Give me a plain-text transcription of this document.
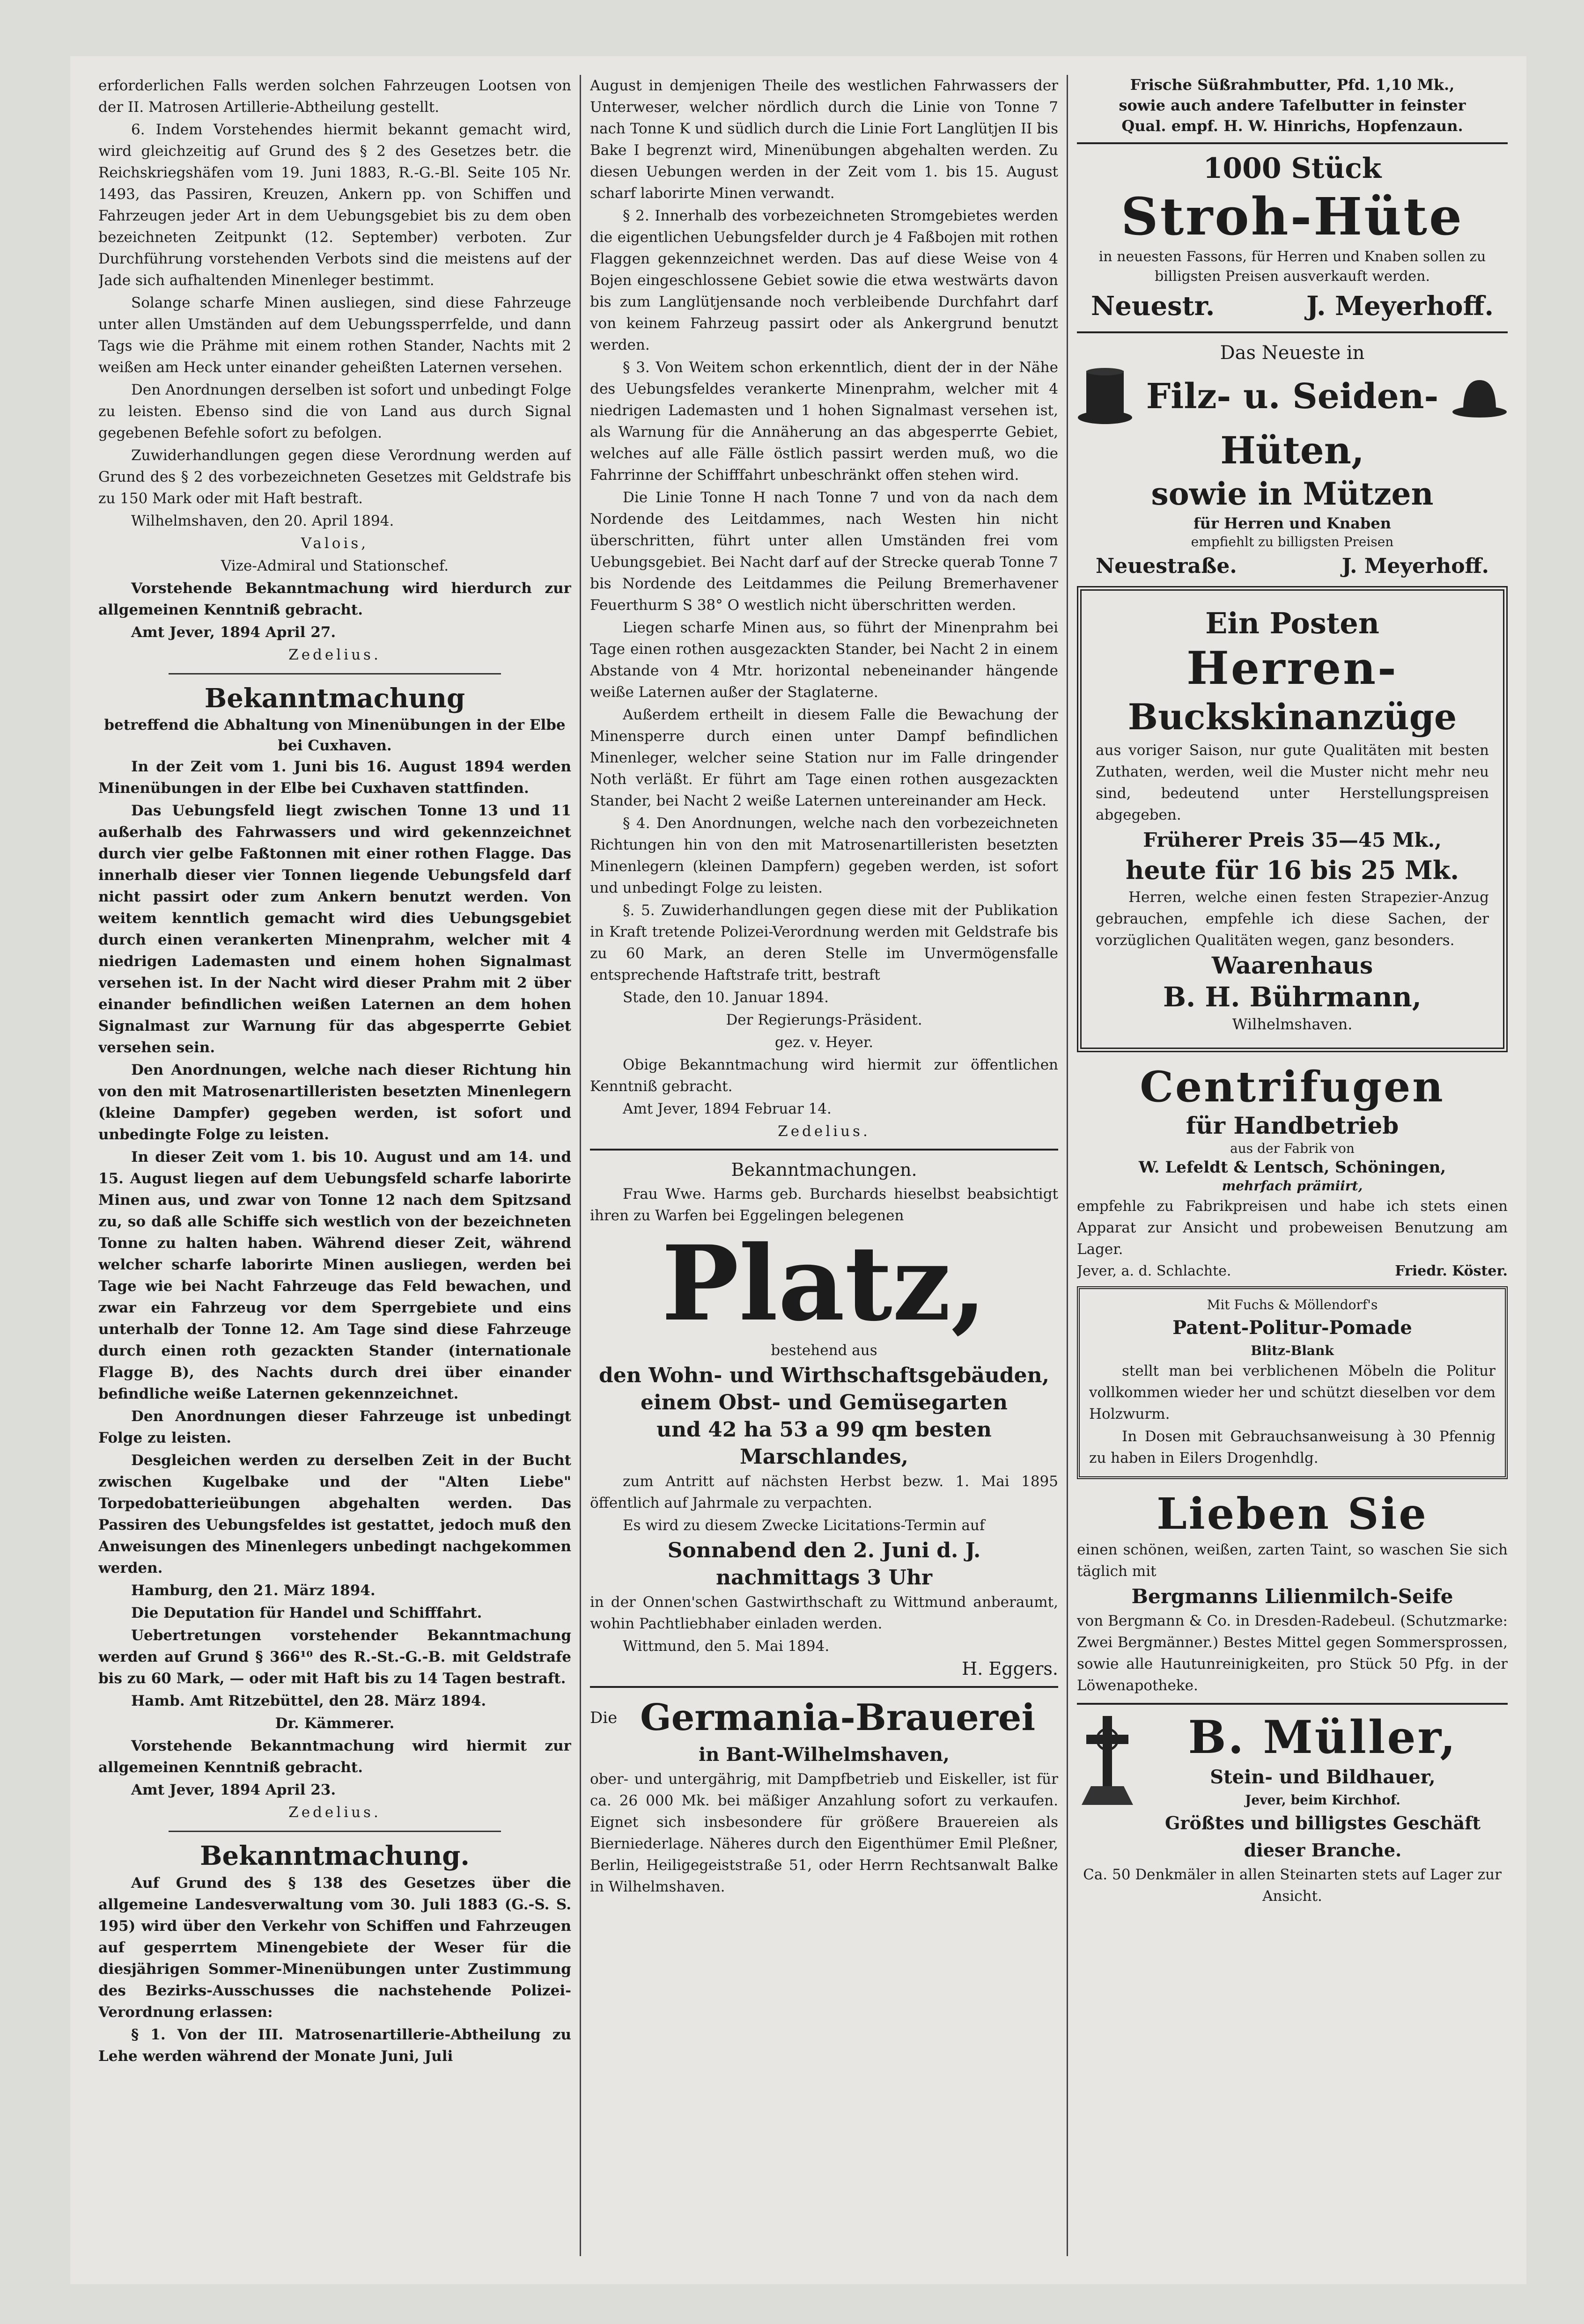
erforderlichen Falls werden solchen Fahrzeugen Lootsen von der II. Matrosen Artillerie-Abtheilung gestellt.

6. Indem Vorstehendes hiermit bekannt gemacht wird, wird gleichzeitig auf Grund des § 2 des Gesetzes betr. die Reichskriegshäfen vom 19. Juni 1883, R.-G.-Bl. Seite 105 Nr. 1493, das Passiren, Kreuzen, Ankern pp. von Schiffen und Fahrzeugen jeder Art in dem Uebungsgebiet bis zu dem oben bezeichneten Zeitpunkt (12. September) verboten. Zur Durchführung vorstehenden Verbots sind die meistens auf der Jade sich aufhaltenden Minenleger bestimmt.

Solange scharfe Minen ausliegen, sind diese Fahrzeuge unter allen Umständen auf dem Uebungssperrfelde, und dann Tags wie die Prähme mit einem rothen Stander, Nachts mit 2 weißen am Heck unter einander geheißten Laternen versehen.

Den Anordnungen derselben ist sofort und unbedingt Folge zu leisten. Ebenso sind die von Land aus durch Signal gegebenen Befehle sofort zu befolgen.

Zuwiderhandlungen gegen diese Verordnung werden auf Grund des § 2 des vorbezeichneten Gesetzes mit Geldstrafe bis zu 150 Mark oder mit Haft bestraft.

Wilhelmshaven, den 20. April 1894.

Valois,

Vize-Admiral und Stationschef.

Vorstehende Bekanntmachung wird hierdurch zur allgemeinen Kenntniß gebracht.

Amt Jever, 1894 April 27.

Zedelius.

Bekanntmachung
betreffend die Abhaltung von Minenübungen in der Elbe bei Cuxhaven.

In der Zeit vom 1. Juni bis 16. August 1894 werden Minenübungen in der Elbe bei Cuxhaven stattfinden.

Das Uebungsfeld liegt zwischen Tonne 13 und 11 außerhalb des Fahrwassers und wird gekennzeichnet durch vier gelbe Faßtonnen mit einer rothen Flagge. Das innerhalb dieser vier Tonnen liegende Uebungsfeld darf nicht passirt oder zum Ankern benutzt werden. Von weitem kenntlich gemacht wird dies Uebungsgebiet durch einen verankerten Minenprahm, welcher mit 4 niedrigen Lademasten und einem hohen Signalmast versehen ist. In der Nacht wird dieser Prahm mit 2 über einander befindlichen weißen Laternen an dem hohen Signalmast zur Warnung für das abgesperrte Gebiet versehen sein.

Den Anordnungen, welche nach dieser Richtung hin von den mit Matrosenartilleristen besetzten Minenlegern (kleine Dampfer) gegeben werden, ist sofort und unbedingte Folge zu leisten.

In dieser Zeit vom 1. bis 10. August und am 14. und 15. August liegen auf dem Uebungsfeld scharfe laborirte Minen aus, und zwar von Tonne 12 nach dem Spitzsand zu, so daß alle Schiffe sich westlich von der bezeichneten Tonne zu halten haben. Während dieser Zeit, während welcher scharfe laborirte Minen ausliegen, werden bei Tage wie bei Nacht Fahrzeuge das Feld bewachen, und zwar ein Fahrzeug vor dem Sperrgebiete und eins unterhalb der Tonne 12. Am Tage sind diese Fahrzeuge durch einen roth gezackten Stander (internationale Flagge B), des Nachts durch drei über einander befindliche weiße Laternen gekennzeichnet.

Den Anordnungen dieser Fahrzeuge ist unbedingt Folge zu leisten.

Desgleichen werden zu derselben Zeit in der Bucht zwischen Kugelbake und der "Alten Liebe" Torpedobatterieübungen abgehalten werden. Das Passiren des Uebungsfeldes ist gestattet, jedoch muß den Anweisungen des Minenlegers unbedingt nachgekommen werden.

Hamburg, den 21. März 1894.

Die Deputation für Handel und Schifffahrt.

Uebertretungen vorstehender Bekanntmachung werden auf Grund § 366¹⁰ des R.-St.-G.-B. mit Geldstrafe bis zu 60 Mark, — oder mit Haft bis zu 14 Tagen bestraft.

Hamb. Amt Ritzebüttel, den 28. März 1894.

Dr. Kämmerer.

Vorstehende Bekanntmachung wird hiermit zur allgemeinen Kenntniß gebracht.

Amt Jever, 1894 April 23.

Zedelius.

Bekanntmachung.

Auf Grund des § 138 des Gesetzes über die allgemeine Landesverwaltung vom 30. Juli 1883 (G.-S. S. 195) wird über den Verkehr von Schiffen und Fahrzeugen auf gesperrtem Minengebiete der Weser für die diesjährigen Sommer-Minenübungen unter Zustimmung des Bezirks-Ausschusses die nachstehende Polizei-Verordnung erlassen:

§ 1. Von der III. Matrosenartillerie-Abtheilung zu Lehe werden während der Monate Juni, Juli

August in demjenigen Theile des westlichen Fahrwassers der Unterweser, welcher nördlich durch die Linie von Tonne 7 nach Tonne K und südlich durch die Linie Fort Langlütjen II bis Bake I begrenzt wird, Minenübungen abgehalten werden. Zu diesen Uebungen werden in der Zeit vom 1. bis 15. August scharf laborirte Minen verwandt.

§ 2. Innerhalb des vorbezeichneten Stromgebietes werden die eigentlichen Uebungsfelder durch je 4 Faßbojen mit rothen Flaggen gekennzeichnet werden. Das auf diese Weise von 4 Bojen eingeschlossene Gebiet sowie die etwa westwärts davon bis zum Langlütjensande noch verbleibende Durchfahrt darf von keinem Fahrzeug passirt oder als Ankergrund benutzt werden.

§ 3. Von Weitem schon erkenntlich, dient der in der Nähe des Uebungsfeldes verankerte Minenprahm, welcher mit 4 niedrigen Lademasten und 1 hohen Signalmast versehen ist, als Warnung für die Annäherung an das abgesperrte Gebiet, welches auf alle Fälle östlich passirt werden muß, wo die Fahrrinne der Schifffahrt unbeschränkt offen stehen wird.

Die Linie Tonne H nach Tonne 7 und von da nach dem Nordende des Leitdammes, nach Westen hin nicht überschritten, führt unter allen Umständen frei vom Uebungsgebiet. Bei Nacht darf auf der Strecke querab Tonne 7 bis Nordende des Leitdammes die Peilung Bremerhavener Feuerthurm S 38° O westlich nicht überschritten werden.

Liegen scharfe Minen aus, so führt der Minenprahm bei Tage einen rothen ausgezackten Stander, bei Nacht 2 in einem Abstande von 4 Mtr. horizontal nebeneinander hängende weiße Laternen außer der Staglaterne.

Außerdem ertheilt in diesem Falle die Bewachung der Minensperre durch einen unter Dampf befindlichen Minenleger, welcher seine Station nur im Falle dringender Noth verläßt. Er führt am Tage einen rothen ausgezackten Stander, bei Nacht 2 weiße Laternen untereinander am Heck.

§ 4. Den Anordnungen, welche nach den vorbezeichneten Richtungen hin von den mit Matrosenartilleristen besetzten Minenlegern (kleinen Dampfern) gegeben werden, ist sofort und unbedingt Folge zu leisten.

§. 5. Zuwiderhandlungen gegen diese mit der Publikation in Kraft tretende Polizei-Verordnung werden mit Geldstrafe bis zu 60 Mark, an deren Stelle im Unvermögensfalle entsprechende Haftstrafe tritt, bestraft

Stade, den 10. Januar 1894.

Der Regierungs-Präsident.

gez. v. Heyer.

Obige Bekanntmachung wird hiermit zur öffentlichen Kenntniß gebracht.

Amt Jever, 1894 Februar 14.

Zedelius.

Bekanntmachungen.

Frau Wwe. Harms geb. Burchards hieselbst beabsichtigt ihren zu Warfen bei Eggelingen belegenen

Platz,

bestehend aus

den Wohn- und Wirthschaftsgebäuden,
einem Obst- und Gemüsegarten
und 42 ha 53 a 99 qm besten
Marschlandes,

zum Antritt auf nächsten Herbst bezw. 1. Mai 1895 öffentlich auf Jahrmale zu verpachten.

Es wird zu diesem Zwecke Licitations-Termin auf

Sonnabend den 2. Juni d. J.
nachmittags 3 Uhr

in der Onnen'schen Gastwirthschaft zu Wittmund anberaumt, wohin Pachtliebhaber einladen werden.

Wittmund, den 5. Mai 1894.

H. Eggers.

Die Germania-Brauerei
in Bant-Wilhelmshaven,

ober- und untergährig, mit Dampfbetrieb und Eiskeller, ist für ca. 26 000 Mk. bei mäßiger Anzahlung sofort zu verkaufen. Eignet sich insbesondere für größere Brauereien als Bierniederlage. Näheres durch den Eigenthümer Emil Pleßner, Berlin, Heiligegeiststraße 51, oder Herrn Rechtsanwalt Balke in Wilhelmshaven.

Frische Süßrahmbutter, Pfd. 1,10 Mk.,

sowie auch andere Tafelbutter in feinster

Qual. empf. H. W. Hinrichs, Hopfenzaun.

1000 Stück
Stroh-Hüte

in neuesten Fassons, für Herren und Knaben sollen zu billigsten Preisen ausverkauft werden.

Neuestr.	J. Meyerhoff.
Das Neueste in
Filz- u. Seiden-
Hüten,
sowie in Mützen
für Herren und Knaben
empfiehlt zu billigsten Preisen
Neuestraße.	J. Meyerhoff.
Ein Posten
Herren-
Buckskinanzüge

aus voriger Saison, nur gute Qualitäten mit besten Zuthaten, werden, weil die Muster nicht mehr neu sind, bedeutend unter Herstellungspreisen abgegeben.

Früherer Preis 35—45 Mk.,
heute für 16 bis 25 Mk.

Herren, welche einen festen Strapezier-Anzug gebrauchen, empfehle ich diese Sachen, der vorzüglichen Qualitäten wegen, ganz besonders.

Waarenhaus
B. H. Bührmann,
Wilhelmshaven.
Centrifugen
für Handbetrieb
aus der Fabrik von
W. Lefeldt & Lentsch, Schöningen,
mehrfach prämiirt,

empfehle zu Fabrikpreisen und habe ich stets einen Apparat zur Ansicht und probeweisen Benutzung am Lager.

Jever, a. d. Schlachte.	Friedr. Köster.
Mit Fuchs & Möllendorf's
Patent-Politur-Pomade
Blitz-Blank

stellt man bei verblichenen Möbeln die Politur vollkommen wieder her und schützt dieselben vor dem Holzwurm.

In Dosen mit Gebrauchsanweisung à 30 Pfennig zu haben in Eilers Drogenhdlg.

Lieben Sie

einen schönen, weißen, zarten Taint, so waschen Sie sich täglich mit

Bergmanns Lilienmilch-Seife

von Bergmann & Co. in Dresden-Radebeul. (Schutzmarke: Zwei Bergmänner.) Bestes Mittel gegen Sommersprossen, sowie alle Hautunreinigkeiten, pro Stück 50 Pfg. in der Löwenapotheke.

B. Müller,
Stein- und Bildhauer,
Jever, beim Kirchhof.
Größtes und billigstes Geschäft
dieser Branche.

Ca. 50 Denkmäler in allen Steinarten stets auf Lager zur Ansicht.
